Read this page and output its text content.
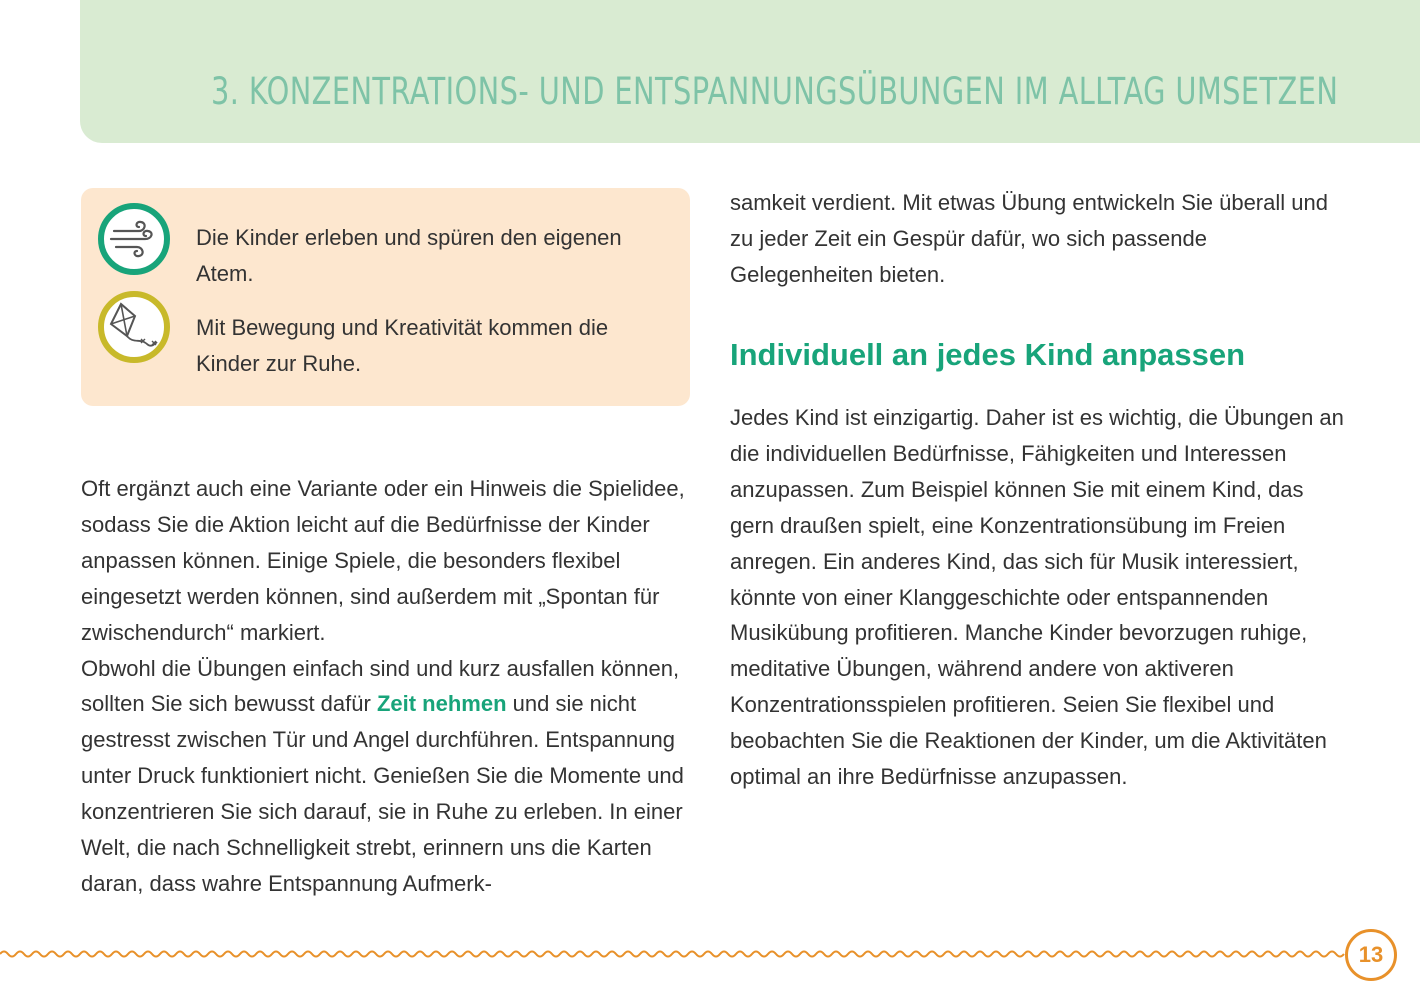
3. KONZENTRATIONS- UND ENTSPANNUNGSÜBUNGEN IM ALLTAG UMSETZEN
Die Kinder erleben und spüren den eigenen Atem.
Mit Bewegung und Kreativität kommen die Kinder zur Ruhe.

Oft ergänzt auch eine Variante oder ein Hinweis die Spielidee, sodass Sie die Aktion leicht auf die Bedürfnisse der Kinder anpassen können. Einige Spiele, die besonders flexibel eingesetzt werden können, sind außerdem mit „Spontan für zwischendurch“ markiert.

Obwohl die Übungen einfach sind und kurz ausfallen können, sollten Sie sich bewusst dafür Zeit nehmen und sie nicht gestresst zwischen Tür und Angel durchführen. Entspannung unter Druck funktioniert nicht. Genießen Sie die Momente und konzentrieren Sie sich darauf, sie in Ruhe zu erleben. In einer Welt, die nach Schnelligkeit strebt, erinnern uns die Karten daran, dass wahre Entspannung Aufmerk-

samkeit verdient. Mit etwas Übung entwickeln Sie überall und zu jeder Zeit ein Gespür dafür, wo sich passende Gelegenheiten bieten.

Individuell an jedes Kind anpassen

Jedes Kind ist einzigartig. Daher ist es wichtig, die Übungen an die individuellen Bedürfnisse, Fähigkeiten und Interessen anzupassen. Zum Beispiel können Sie mit einem Kind, das gern draußen spielt, eine Konzentrationsübung im Freien anregen. Ein anderes Kind, das sich für Musik interessiert, könnte von einer Klanggeschichte oder entspannenden Musikübung profitieren. Manche Kinder bevorzugen ruhige, meditative Übungen, während andere von aktiveren Konzentrationsspielen profitieren. Seien Sie flexibel und beobachten Sie die Reaktionen der Kinder, um die Aktivitäten optimal an ihre Bedürfnisse anzupassen.

13
